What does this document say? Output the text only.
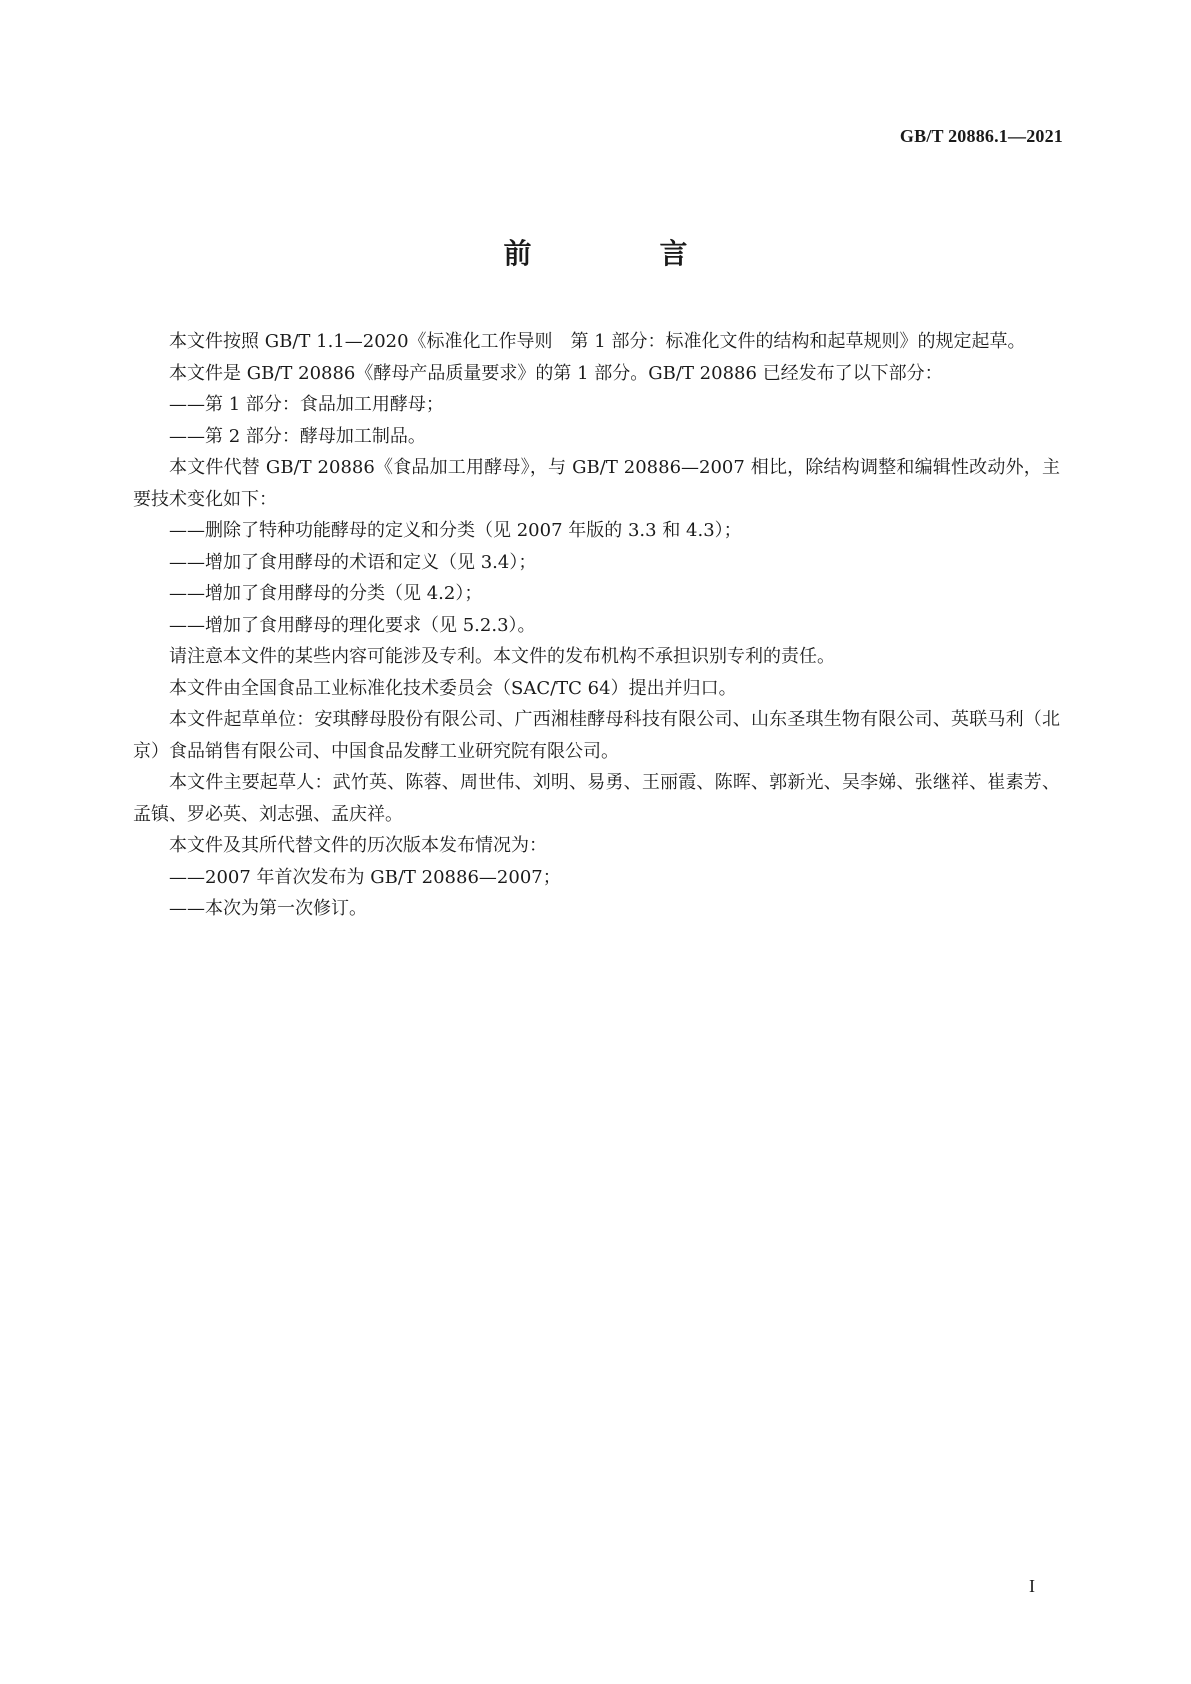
GB/T 20886.1—2021
前　言

本文件按照 GB/T 1.1—2020《标准化工作导则　第 1 部分：标准化文件的结构和起草规则》的规定起草。

本文件是 GB/T 20886《酵母产品质量要求》的第 1 部分。GB/T 20886 已经发布了以下部分：

——第 1 部分：食品加工用酵母；

——第 2 部分：酵母加工制品。

本文件代替 GB/T 20886《食品加工用酵母》，与 GB/T 20886—2007 相比，除结构调整和编辑性改动外，主要技术变化如下：

——删除了特种功能酵母的定义和分类（见 2007 年版的 3.3 和 4.3）；

——增加了食用酵母的术语和定义（见 3.4）；

——增加了食用酵母的分类（见 4.2）；

——增加了食用酵母的理化要求（见 5.2.3）。

请注意本文件的某些内容可能涉及专利。本文件的发布机构不承担识别专利的责任。

本文件由全国食品工业标准化技术委员会（SAC/TC 64）提出并归口。

本文件起草单位：安琪酵母股份有限公司、广西湘桂酵母科技有限公司、山东圣琪生物有限公司、英联马利（北京）食品销售有限公司、中国食品发酵工业研究院有限公司。

本文件主要起草人：武竹英、陈蓉、周世伟、刘明、易勇、王丽霞、陈晖、郭新光、吴李娣、张继祥、崔素芳、孟镇、罗必英、刘志强、孟庆祥。

本文件及其所代替文件的历次版本发布情况为：

——2007 年首次发布为 GB/T 20886—2007；

——本次为第一次修订。

I
